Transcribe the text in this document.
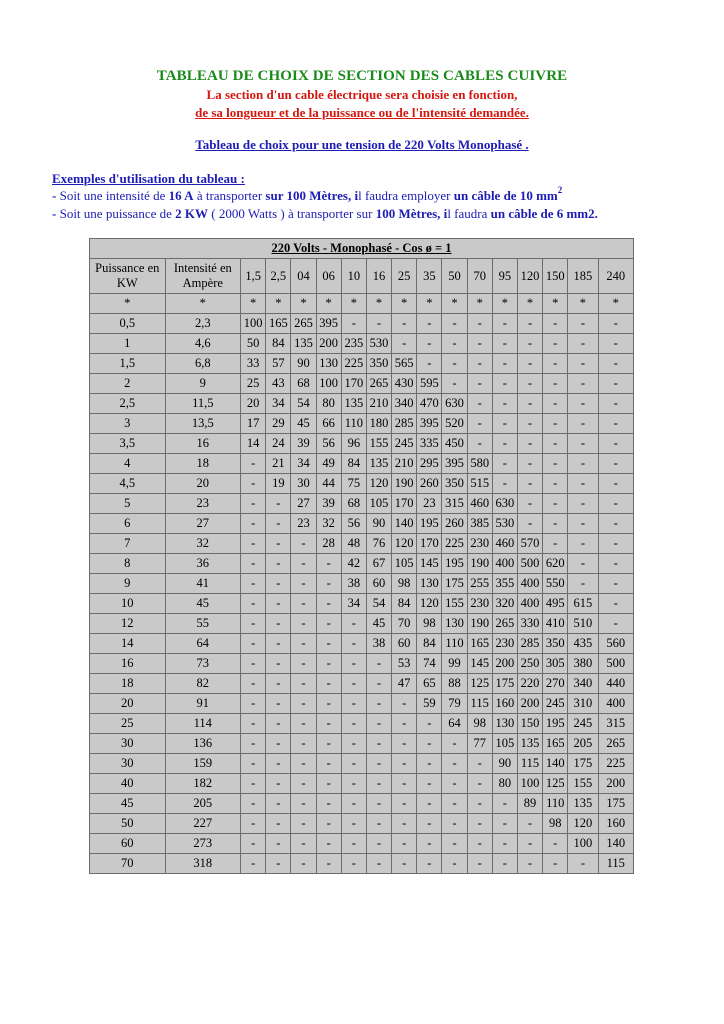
TABLEAU DE CHOIX DE SECTION DES CABLES CUIVRE
La section d'un cable électrique sera choisie en fonction,
de sa longueur et de la puissance ou de l'intensité demandée.
Tableau de choix pour une tension de 220 Volts Monophasé .
Exemples d'utilisation du tableau :
- Soit une intensité de 16 A à transporter sur 100 Mètres, il faudra employer un câble de 10 $mm^2$
- Soit une puissance de 2 KW ( 2000 Watts ) à transporter sur 100 Mètres, il faudra un câble de 6 mm2.
220 Volts - Monophasé - Cos ø = 1																
Puissance en KW	Intensité en Ampère	1,5	2,5	04	06	10	16	25	35	50	70	95	120	150	185	240
*	*	*	*	*	*	*	*	*	*	*	*	*	*	*	*	*
0,5	2,3	100	165	265	395	-	-	-	-	-	-	-	-	-	-	-
1	4,6	50	84	135	200	235	530	-	-	-	-	-	-	-	-	-
1,5	6,8	33	57	90	130	225	350	565	-	-	-	-	-	-	-	-
2	9	25	43	68	100	170	265	430	595	-	-	-	-	-	-	-
2,5	11,5	20	34	54	80	135	210	340	470	630	-	-	-	-	-	-
3	13,5	17	29	45	66	110	180	285	395	520	-	-	-	-	-	-
3,5	16	14	24	39	56	96	155	245	335	450	-	-	-	-	-	-
4	18	-	21	34	49	84	135	210	295	395	580	-	-	-	-	-
4,5	20	-	19	30	44	75	120	190	260	350	515	-	-	-	-	-
5	23	-	-	27	39	68	105	170	23	315	460	630	-	-	-	-
6	27	-	-	23	32	56	90	140	195	260	385	530	-	-	-	-
7	32	-	-	-	28	48	76	120	170	225	230	460	570	-	-	-
8	36	-	-	-	-	42	67	105	145	195	190	400	500	620	-	-
9	41	-	-	-	-	38	60	98	130	175	255	355	400	550	-	-
10	45	-	-	-	-	34	54	84	120	155	230	320	400	495	615	-
12	55	-	-	-	-	-	45	70	98	130	190	265	330	410	510	-
14	64	-	-	-	-	-	38	60	84	110	165	230	285	350	435	560
16	73	-	-	-	-	-	-	53	74	99	145	200	250	305	380	500
18	82	-	-	-	-	-	-	47	65	88	125	175	220	270	340	440
20	91	-	-	-	-	-	-	-	59	79	115	160	200	245	310	400
25	114	-	-	-	-	-	-	-	-	64	98	130	150	195	245	315
30	136	-	-	-	-	-	-	-	-	-	77	105	135	165	205	265
30	159	-	-	-	-	-	-	-	-	-	-	90	115	140	175	225
40	182	-	-	-	-	-	-	-	-	-	-	80	100	125	155	200
45	205	-	-	-	-	-	-	-	-	-	-	-	89	110	135	175
50	227	-	-	-	-	-	-	-	-	-	-	-	-	98	120	160
60	273	-	-	-	-	-	-	-	-	-	-	-	-	-	100	140
70	318	-	-	-	-	-	-	-	-	-	-	-	-	-	-	115
